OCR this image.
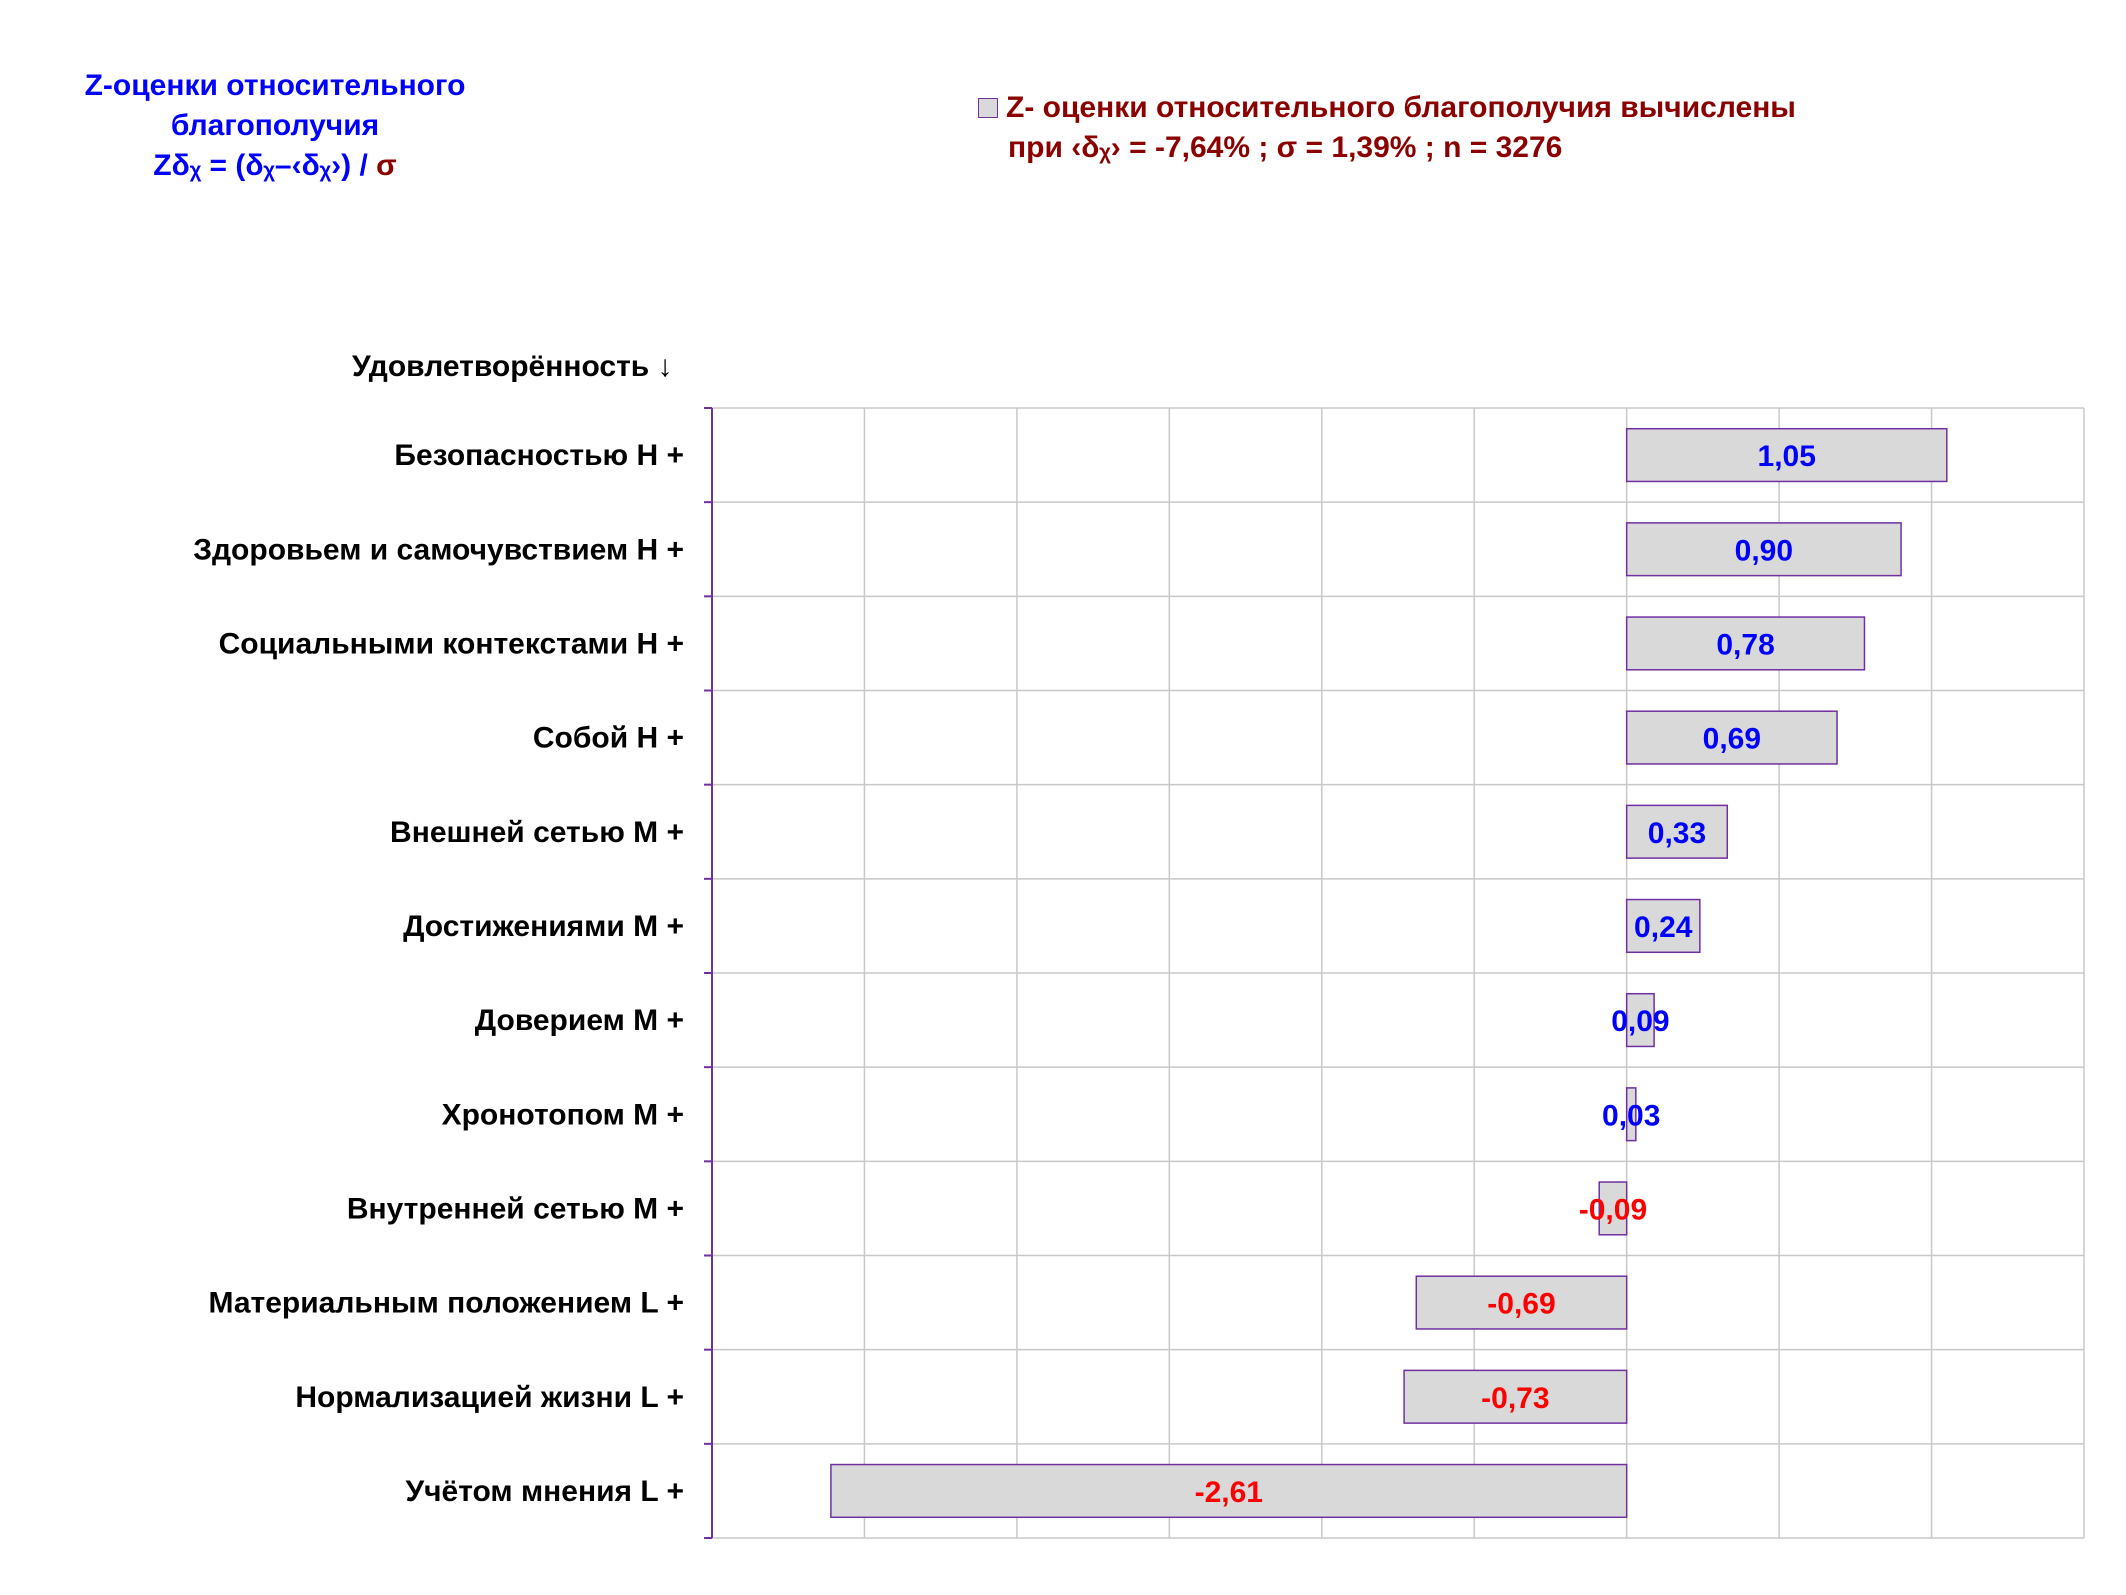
Z-оценки относительного
благополучия
Zδᵪ = (δᵪ–‹δᵪ›) / σ
Z- оценки относительного благополучия вычислены
при ‹δᵪ› = -7,64% ; σ = 1,39% ; n = 3276
Удовлетворённость ↓
Безопасностью H +	1,05
Здоровьем и самочувствием H +	0,90
Социальными контекстами H +	0,78
Собой H +	0,69
Внешней сетью M +	0,33
Достижениями M +	0,24
Доверием M +	0,09
Хронотопом M +	0,03
Внутренней сетью M +	-0,09
Материальным положением L +	-0,69
Нормализацией жизни L +	-0,73
Учётом мнения L +	-2,61
